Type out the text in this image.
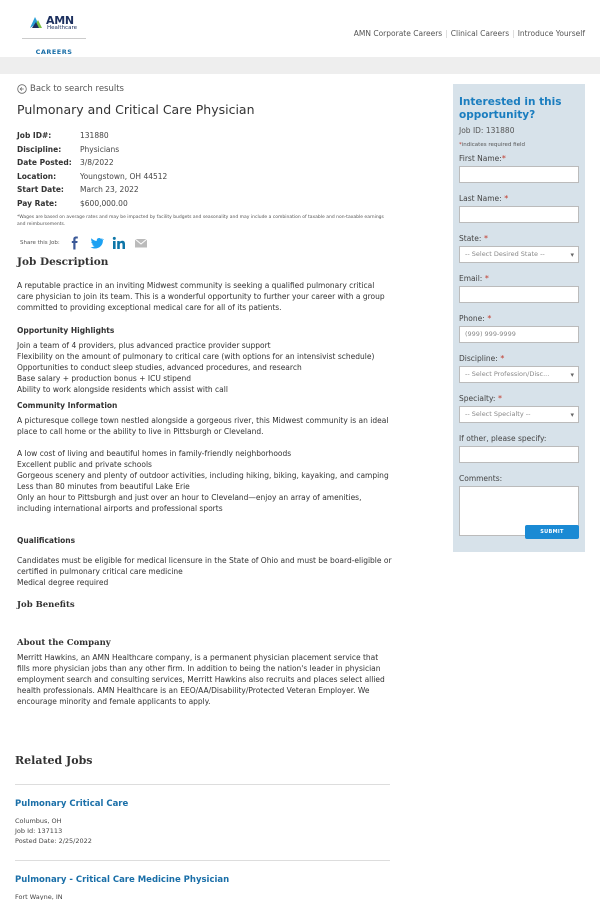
AMN
Healthcare
CAREERS
AMN Corporate Careers | Clinical Careers | Introduce Yourself
Back to search results
Pulmonary and Critical Care Physician
Job ID#:	131880
Discipline:	Physicians
Date Posted:	3/8/2022
Location:	Youngstown, OH 44512
Start Date:	March 23, 2022
Pay Rate:	$600,000.00
*Wages are based on average rates and may be impacted by facility budgets and seasonality and may include a combination of taxable and non-taxable earnings and reimbursements.
Share this Job:
Job Description

A reputable practice in an inviting Midwest community is seeking a qualified pulmonary critical care physician to join its team. This is a wonderful opportunity to further your career with a group committed to providing exceptional medical care for all of its patients.

Opportunity Highlights
Join a team of 4 providers, plus advanced practice provider support
Flexibility on the amount of pulmonary to critical care (with options for an intensivist schedule)
Opportunities to conduct sleep studies, advanced procedures, and research
Base salary + production bonus + ICU stipend
Ability to work alongside residents which assist with call
Community Information
A picturesque college town nestled alongside a gorgeous river, this Midwest community is an ideal place to call home or the ability to live in Pittsburgh or Cleveland.
A low cost of living and beautiful homes in family-friendly neighborhoods
Excellent public and private schools
Gorgeous scenery and plenty of outdoor activities, including hiking, biking, kayaking, and camping
Less than 80 minutes from beautiful Lake Erie
Only an hour to Pittsburgh and just over an hour to Cleveland—enjoy an array of amenities, including international airports and professional sports
Qualifications
Candidates must be eligible for medical licensure in the State of Ohio and must be board-eligible or certified in pulmonary critical care medicine
Medical degree required
Job Benefits
About the Company

Merritt Hawkins, an AMN Healthcare company, is a permanent physician placement service that fills more physician jobs than any other firm. In addition to being the nation's leader in physician employment search and consulting services, Merritt Hawkins also recruits and places select allied health professionals. AMN Healthcare is an EEO/AA/Disability/Protected Veteran Employer. We encourage minority and female applicants to apply.

Interested in this opportunity?
Job ID: 131880
*indicates required field
First Name:*
Last Name: *
State: *
-- Select Desired State -- ▾
Email: *
Phone: *
(999) 999-9999
Discipline: *
-- Select Profession/Disc... ▾
Specialty: *
-- Select Specialty -- ▾
If other, please specify:
Comments:
SUBMIT
Related Jobs
Pulmonary Critical Care
Columbus, OH
Job Id: 137113
Posted Date: 2/25/2022
Pulmonary - Critical Care Medicine Physician
Fort Wayne, IN
